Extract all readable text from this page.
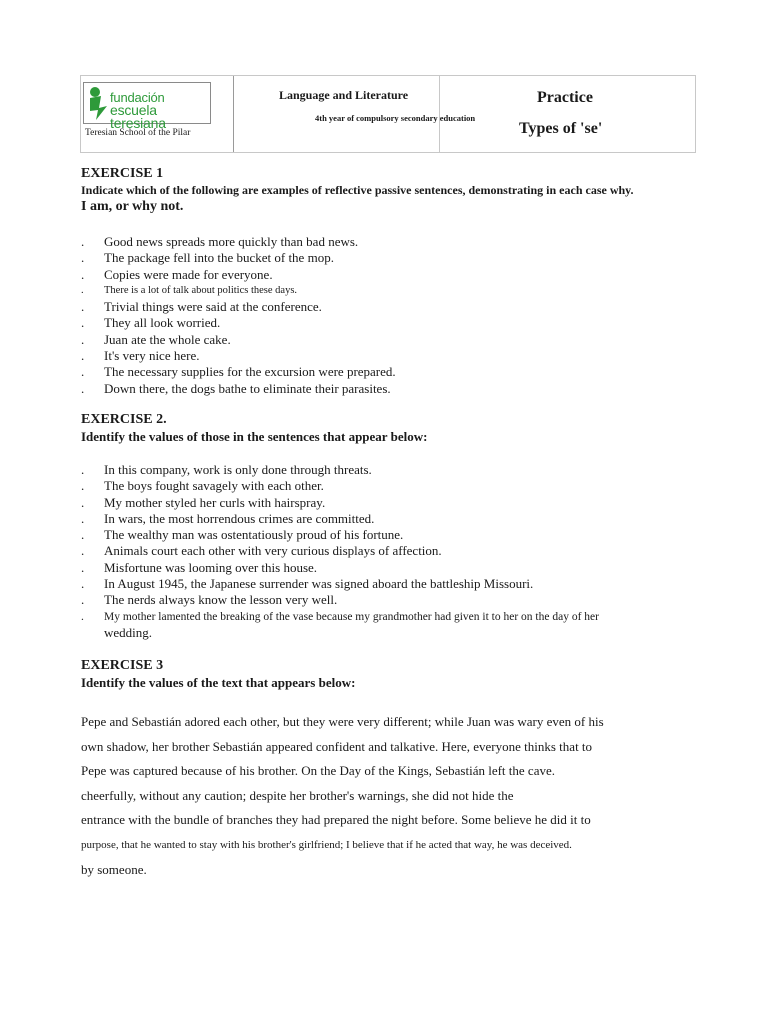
fundación
escuela teresiana
Teresian School of the Pilar
Language and Literature
4th year of compulsory secondary education
Practice
Types of 'se'
EXERCISE 1
Indicate which of the following are examples of reflective passive sentences, demonstrating in each case why.
I am, or why not.
. Good news spreads more quickly than bad news.
. The package fell into the bucket of the mop.
. Copies were made for everyone.
. There is a lot of talk about politics these days.
. Trivial things were said at the conference.
. They all look worried.
. Juan ate the whole cake.
. It's very nice here.
. The necessary supplies for the excursion were prepared.
. Down there, the dogs bathe to eliminate their parasites.
EXERCISE 2.
Identify the values of those in the sentences that appear below:
. In this company, work is only done through threats.
. The boys fought savagely with each other.
. My mother styled her curls with hairspray.
. In wars, the most horrendous crimes are committed.
. The wealthy man was ostentatiously proud of his fortune.
. Animals court each other with very curious displays of affection.
. Misfortune was looming over this house.
. In August 1945, the Japanese surrender was signed aboard the battleship Missouri.
. The nerds always know the lesson very well.
. My mother lamented the breaking of the vase because my grandmother had given it to her on the day of her
wedding.
EXERCISE 3
Identify the values of the text that appears below:
Pepe and Sebastián adored each other, but they were very different; while Juan was wary even of his
own shadow, her brother Sebastián appeared confident and talkative. Here, everyone thinks that to
Pepe was captured because of his brother. On the Day of the Kings, Sebastián left the cave.
cheerfully, without any caution; despite her brother's warnings, she did not hide the
entrance with the bundle of branches they had prepared the night before. Some believe he did it to
purpose, that he wanted to stay with his brother's girlfriend; I believe that if he acted that way, he was deceived.
by someone.
